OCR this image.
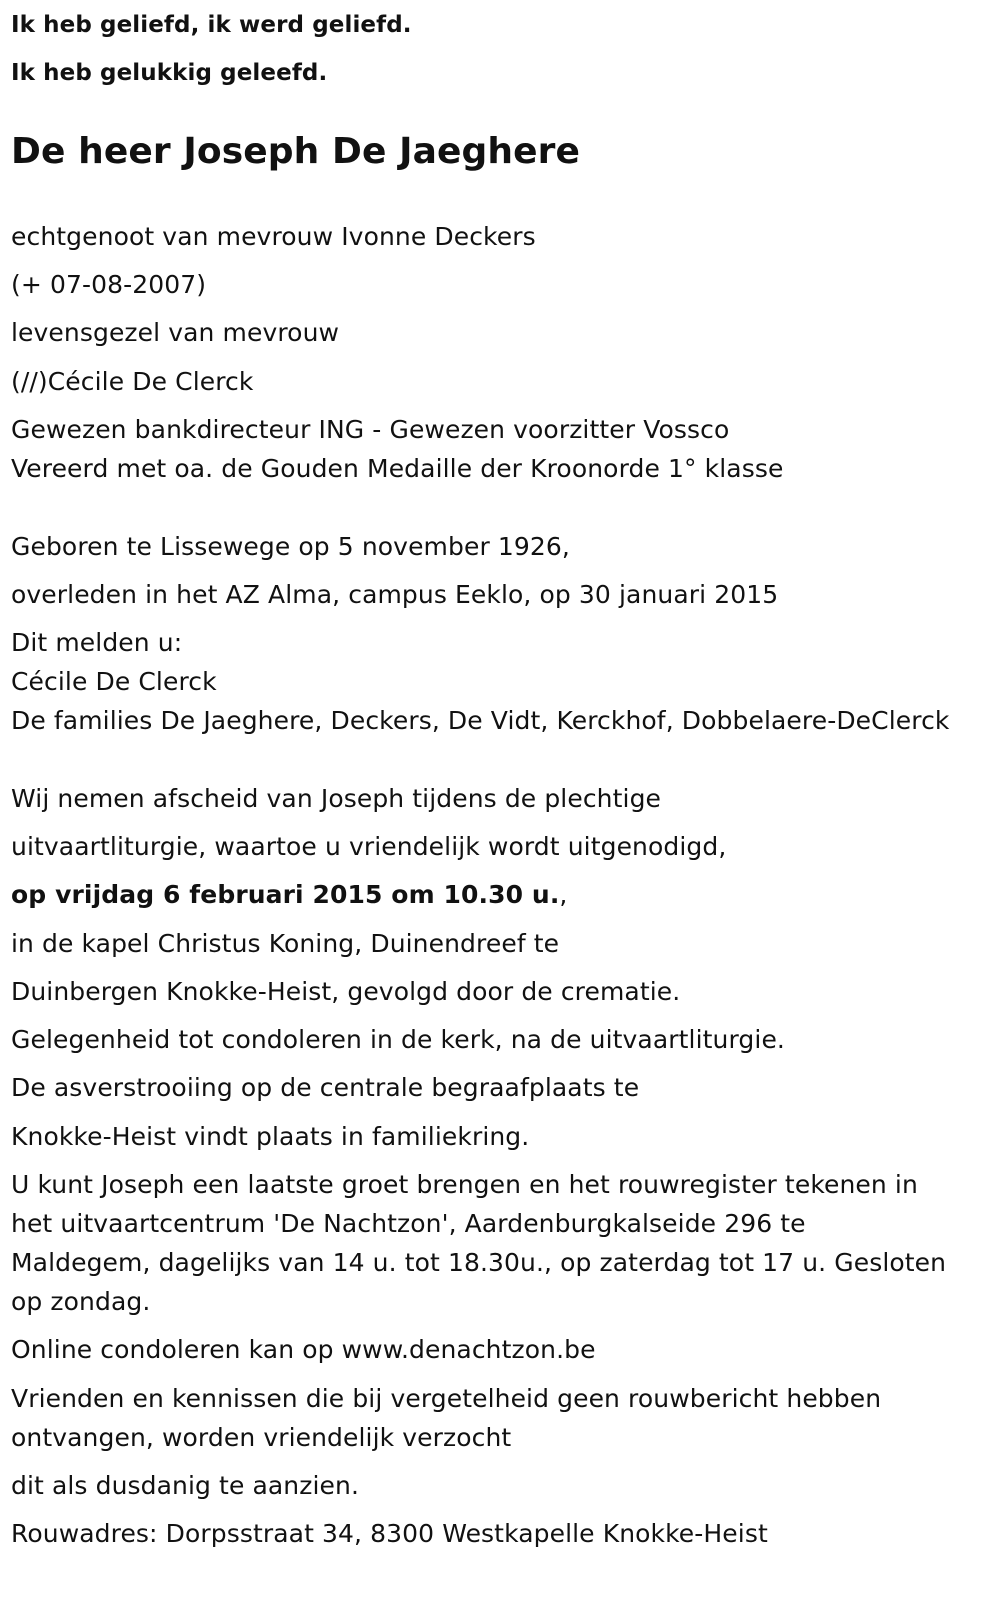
Ik heb geliefd, ik werd geliefd.

Ik heb gelukkig geleefd.

De heer Joseph De Jaeghere

echtgenoot van mevrouw Ivonne Deckers

(+ 07-08-2007)

levensgezel van mevrouw

(//)Cécile De Clerck

Gewezen bankdirecteur ING - Gewezen voorzitter Vossco

Vereerd met oa. de Gouden Medaille der Kroonorde 1° klasse

Geboren te Lissewege op 5 november 1926,

overleden in het AZ Alma, campus Eeklo, op 30 januari 2015

Dit melden u:

Cécile De Clerck

De families De Jaeghere, Deckers, De Vidt, Kerckhof, Dobbelaere-DeClerck

Wij nemen afscheid van Joseph tijdens de plechtige

uitvaartliturgie, waartoe u vriendelijk wordt uitgenodigd,

op vrijdag 6 februari 2015 om 10.30 u.,

in de kapel Christus Koning, Duinendreef te

Duinbergen Knokke-Heist, gevolgd door de crematie.

Gelegenheid tot condoleren in de kerk, na de uitvaartliturgie.

De asverstrooiing op de centrale begraafplaats te

Knokke-Heist vindt plaats in familiekring.

U kunt Joseph een laatste groet brengen en het rouwregister tekenen in

het uitvaartcentrum 'De Nachtzon', Aardenburgkalseide 296 te

Maldegem, dagelijks van 14 u. tot 18.30u., op zaterdag tot 17 u. Gesloten

op zondag.

Online condoleren kan op www.denachtzon.be

Vrienden en kennissen die bij vergetelheid geen rouwbericht hebben

ontvangen, worden vriendelijk verzocht

dit als dusdanig te aanzien.

Rouwadres: Dorpsstraat 34, 8300 Westkapelle Knokke-Heist
